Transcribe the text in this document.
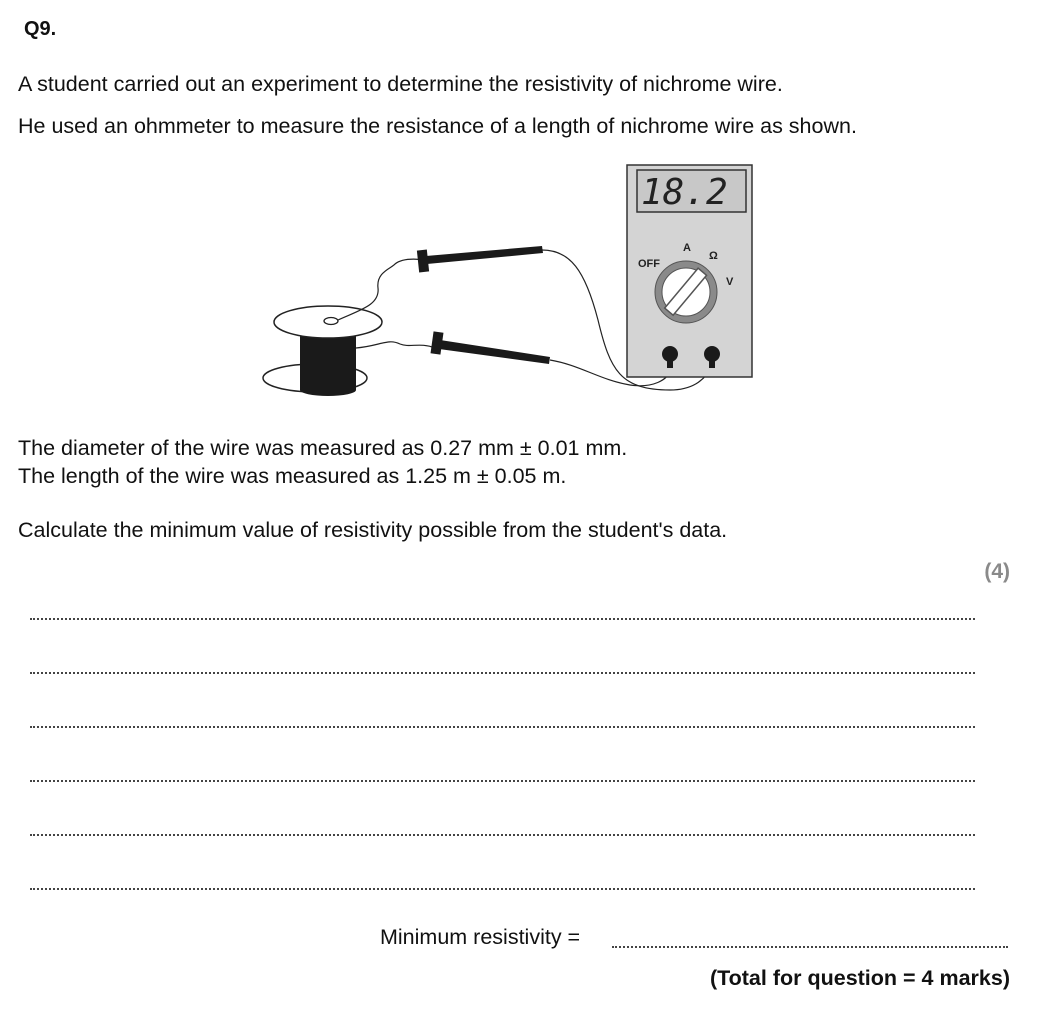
Q9.
A student carried out an experiment to determine the resistivity of nichrome wire.
He used an ohmmeter to measure the resistance of a length of nichrome wire as shown.
18.2
OFF
A
Ω
V
The diameter of the wire was measured as 0.27 mm ± 0.01 mm.
The length of the wire was measured as 1.25 m ± 0.05 m.
Calculate the minimum value of resistivity possible from the student's data.
(4)
Minimum resistivity =
(Total for question = 4 marks)
